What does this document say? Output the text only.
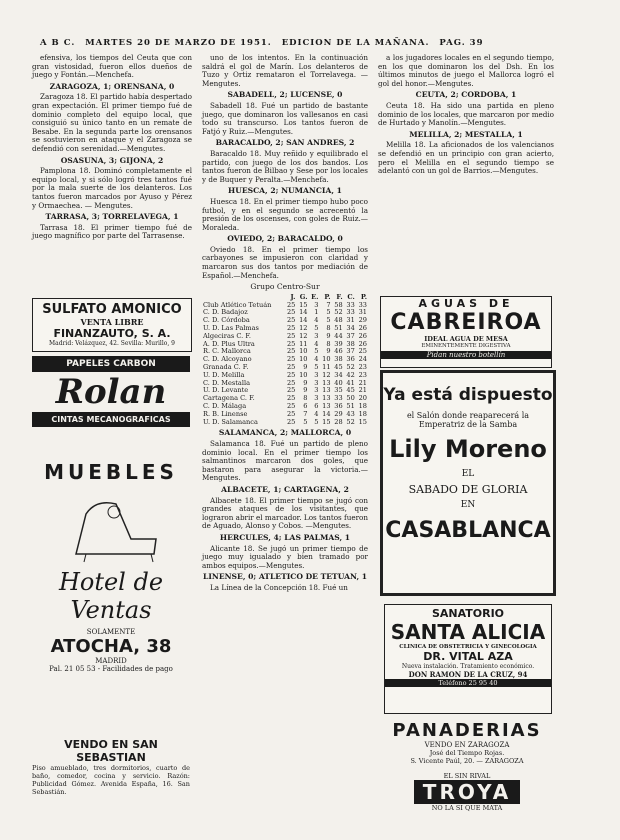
A B C. MARTES 20 DE MARZO DE 1951. EDICION DE LA MAÑANA. PAG. 39

efensiva, los tiempos del Ceuta que con gran vistosidad, fueron ellos dueños de juego y Fontán.—Menchefa.

ZARAGOZA, 1; ORENSANA, 0

Zaragoza 18. El partido había despertado gran expectación. El primer tiempo fué de dominio completo del equipo local, que consiguió su único tanto en un remate de Besabe. En la segunda parte los orensanos se sostuvieron en ataque y el Zaragoza se defendió con serenidad.—Mengutes.

OSASUNA, 3; GIJONA, 2

Pamplona 18. Dominó completamente el equipo local, y si sólo logró tres tantos fué por la mala suerte de los delanteros. Los tantos fueron marcados por Ayuso y Pérez y Ormaechea. — Mengutes.

TARRASA, 3; TORRELAVEGA, 1

Tarrasa 18. El primer tiempo fué de juego magnífico por parte del Tarrasense.

SULFATO AMONICO
VENTA LIBRE
FINANZAUTO, S. A.
Madrid: Velázquez, 42. Sevilla: Murillo, 9
PAPELES CARBON
Rolan
CINTAS MECANOGRAFICAS
MUEBLES
Hotel de Ventas
SOLAMENTE
ATOCHA, 38
MADRID
Pal. 21 05 53 - Facilidades de pago
VENDO EN SAN SEBASTIAN
Piso amueblado, tres dormitorios, cuarto de baño, comedor, cocina y servicio. Razón: Publicidad Gómez. Avenida España, 16. San Sebastián.

uno de los intentos. En la continuación saldrá el gol de Marín. Los delanteros de Tuzo y Ortiz remataron el Torrelavega. —Mengutes.

SABADELL, 2; LUCENSE, 0

Sabadell 18. Fué un partido de bastante juego, que dominaron los vallesanos en casi todo su transcurso. Los tantos fueron de Fatjó y Ruiz.—Mengutes.

BARACALDO, 2; SAN ANDRES, 2

Baracaldo 18. Muy reñido y equilibrado el partido, con juego de los dos bandos. Los tantos fueron de Bilbao y Sese por los locales y de Buquer y Peralta.—Menchefa.

HUESCA, 2; NUMANCIA, 1

Huesca 18. En el primer tiempo hubo poco futbol, y en el segundo se acrecentó la presión de los oscenses, con goles de Ruiz.—Moraleda.

OVIEDO, 2; BARACALDO, 0

Oviedo 18. En el primer tiempo los carbayones se impusieron con claridad y marcaron sus dos tantos por mediación de Español.—Menchefa.

Grupo Centro-Sur
	J.	G.	E.	P.	F.	C.	P.
Club Atlético Tetuán	25	15	3	7	58	33	33
C. D. Badajoz	25	14	1	5	52	33	31
C. D. Córdoba	25	14	4	5	48	31	29
U. D. Las Palmas	25	12	5	8	51	34	26
Algeciras C. F.	25	12	3	9	44	37	26
A. D. Plus Ultra	25	11	4	8	39	38	26
R. C. Mallorca	25	10	5	9	46	37	25
C. D. Alcoyano	25	10	4	10	38	36	24
Granada C. F.	25	9	5	11	45	52	23
U. D. Melilla	25	10	3	12	34	42	23
C. D. Mestalla	25	9	3	13	40	41	21
U. D. Levante	25	9	3	13	35	45	21
Cartagena C. F.	25	8	3	13	33	50	20
C. D. Málaga	25	6	6	13	36	51	18
R. B. Linense	25	7	4	14	29	43	18
U. D. Salamanca	25	5	5	15	28	52	15
SALAMANCA, 2; MALLORCA, 0

Salamanca 18. Fué un partido de pleno dominio local. En el primer tiempo los salmantinos marcaron dos goles, que bastaron para asegurar la victoria.—Mengutes.

ALBACETE, 1; CARTAGENA, 2

Albacete 18. El primer tiempo se jugó con grandes ataques de los visitantes, que lograron abrir el marcador. Los tantos fueron de Aguado, Alonso y Cobos. —Mengutes.

HERCULES, 4; LAS PALMAS, 1

Alicante 18. Se jugó un primer tiempo de juego muy igualado y bien tramado por ambos equipos.—Mengutes.

LINENSE, 0; ATLETICO DE TETUAN, 1

La Línea de la Concepción 18. Fué un

a los jugadores locales en el segundo tiempo, en los que dominaron los del Dsh. En los últimos minutos de juego el Mallorca logró el gol del honor.—Mengutes.

CEUTA, 2; CORDOBA, 1

Ceuta 18. Ha sido una partida en pleno dominio de los locales, que marcaron por medio de Hurtado y Manolín.—Mengutes.

MELILLA, 2; MESTALLA, 1

Melilla 18. La aficionados de los valencianos se defendió en un principio con gran acierto, pero el Melilla en el segundo tiempo se adelantó con un gol de Barrios.—Mengutes.

AGUAS DE
CABREIROA
IDEAL AGUA DE MESA
EMINENTEMENTE DIGESTIVA
Pidan nuestro botellín
Ya está dispuesto
el Salón donde reaparecerá la Emperatriz de la Samba
Lily Moreno
EL
SABADO DE GLORIA
EN
CASABLANCA
SANATORIO
SANTA ALICIA
CLINICA DE OBSTETRICIA Y GINECOLOGIA
DR. VITAL AZA
Nueva instalación. Tratamiento económico.
DON RAMON DE LA CRUZ, 94
Teléfono 25 95 40
PANADERIAS
VENDO EN ZARAGOZA
José del Tiempo Rojas.
S. Vicente Paúl, 20. — ZARAGOZA
EL SIN RIVAL
TROYA
NO LA SI QUE MATA
